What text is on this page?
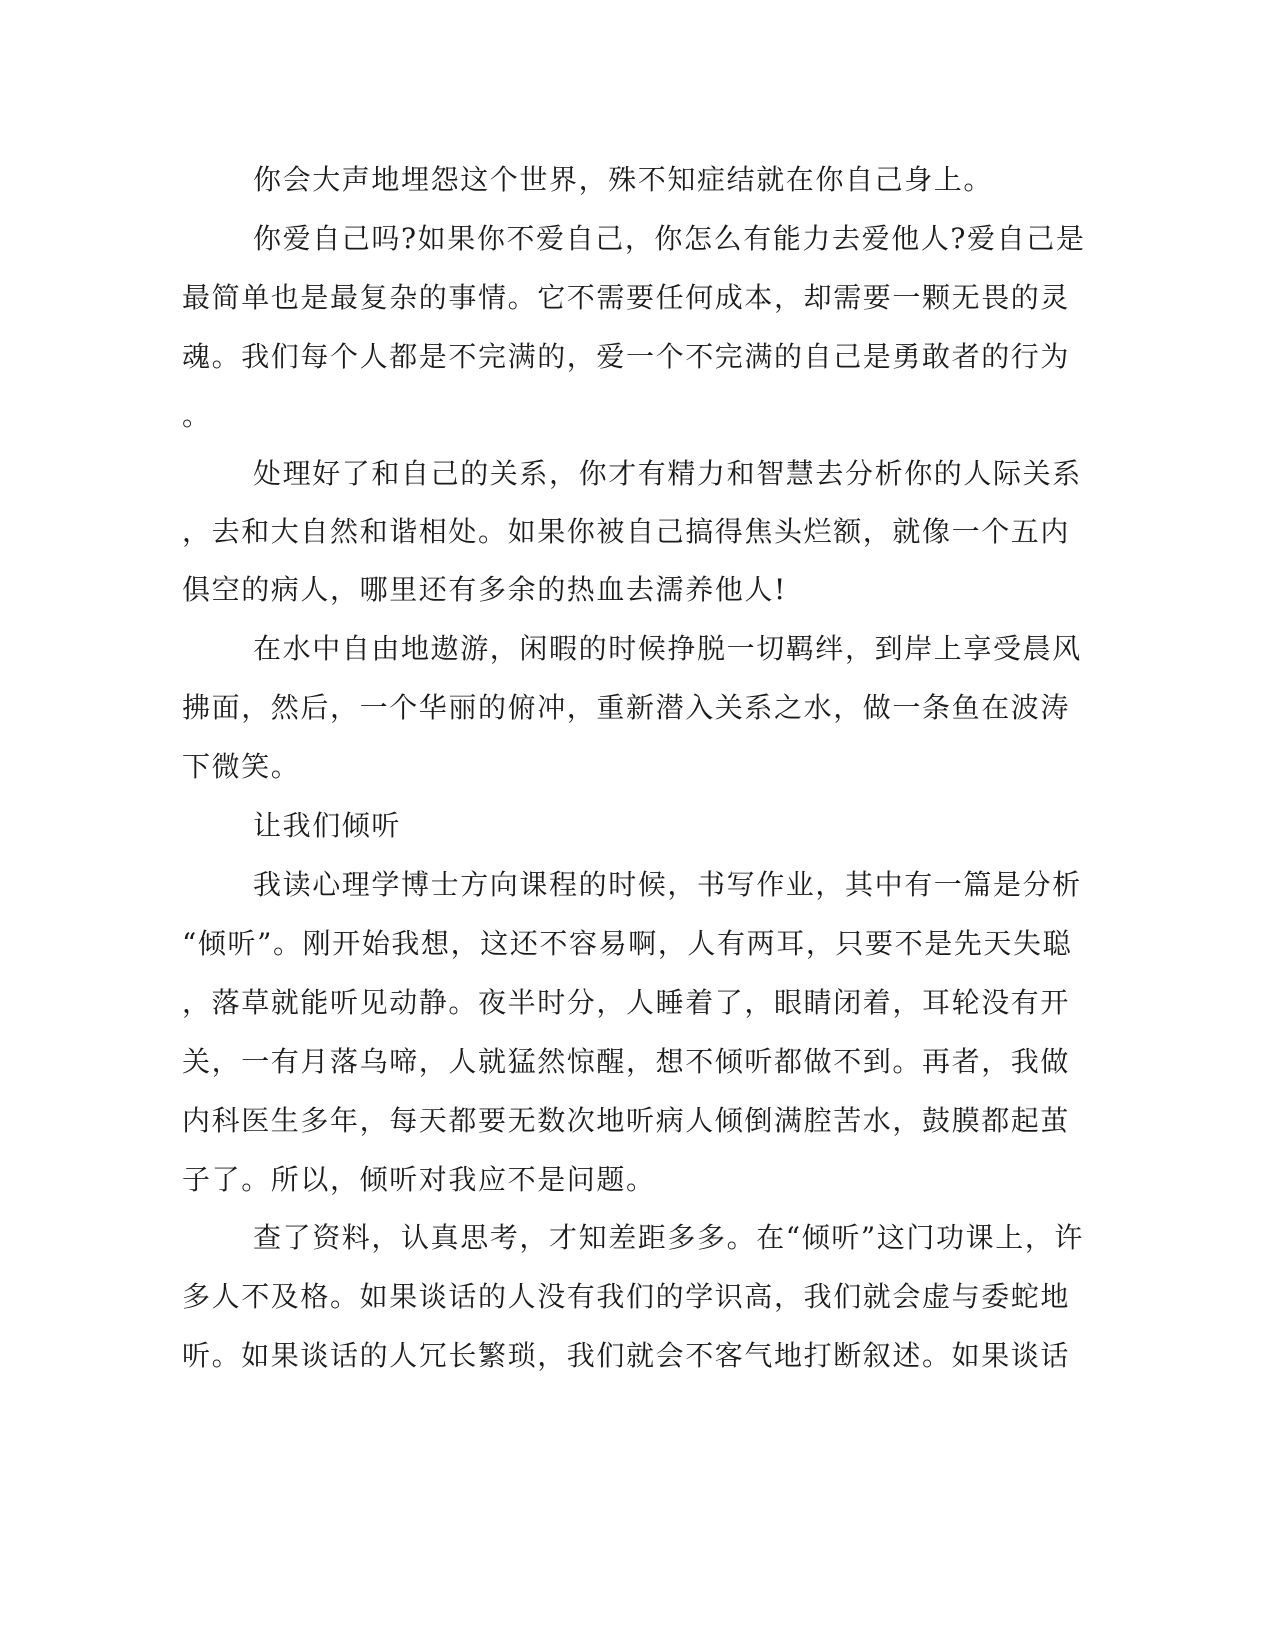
你会大声地埋怨这个世界，殊不知症结就在你自己身上。

你爱自己吗?如果你不爱自己，你怎么有能力去爱他人?爱自己是

最简单也是最复杂的事情。它不需要任何成本，却需要一颗无畏的灵

魂。我们每个人都是不完满的，爱一个不完满的自己是勇敢者的行为

。

处理好了和自己的关系，你才有精力和智慧去分析你的人际关系

，去和大自然和谐相处。如果你被自己搞得焦头烂额，就像一个五内

俱空的病人，哪里还有多余的热血去濡养他人!

在水中自由地遨游，闲暇的时候挣脱一切羁绊，到岸上享受晨风

拂面，然后，一个华丽的俯冲，重新潜入关系之水，做一条鱼在波涛

下微笑。

让我们倾听

我读心理学博士方向课程的时候，书写作业，其中有一篇是分析

“倾听”。刚开始我想，这还不容易啊，人有两耳，只要不是先天失聪

，落草就能听见动静。夜半时分，人睡着了，眼睛闭着，耳轮没有开

关，一有月落乌啼，人就猛然惊醒，想不倾听都做不到。再者，我做

内科医生多年，每天都要无数次地听病人倾倒满腔苦水，鼓膜都起茧

子了。所以，倾听对我应不是问题。

查了资料，认真思考，才知差距多多。在“倾听”这门功课上，许

多人不及格。如果谈话的人没有我们的学识高，我们就会虚与委蛇地

听。如果谈话的人冗长繁琐，我们就会不客气地打断叙述。如果谈话
